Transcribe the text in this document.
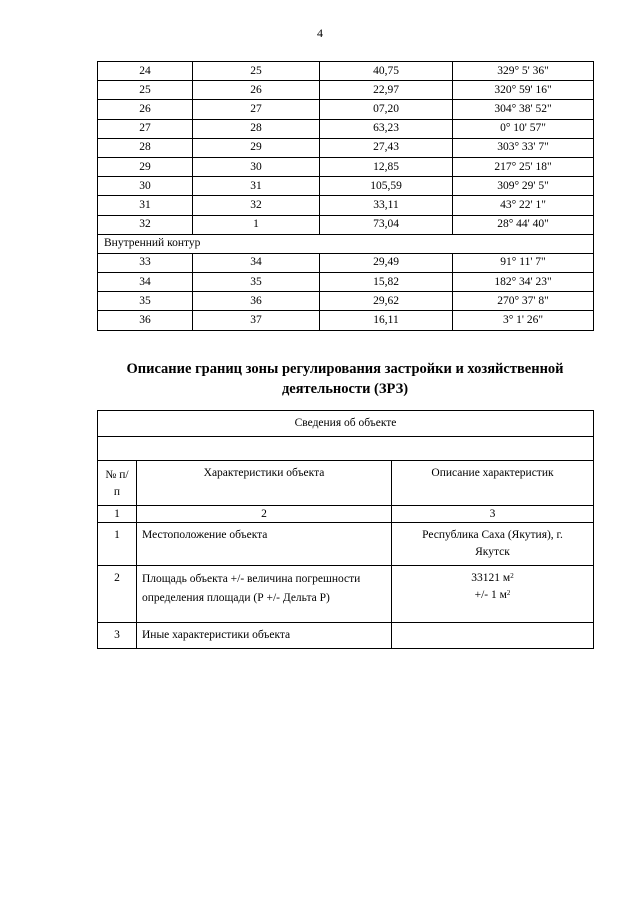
4
24	25	40,75	329° 5' 36"
25	26	22,97	320° 59' 16"
26	27	07,20	304° 38' 52"
27	28	63,23	0° 10' 57"
28	29	27,43	303° 33' 7"
29	30	12,85	217° 25' 18"
30	31	105,59	309° 29' 5"
31	32	33,11	43° 22' 1"
32	1	73,04	28° 44' 40"
Внутренний контур			
33	34	29,49	91° 11' 7"
34	35	15,82	182° 34' 23"
35	36	29,62	270° 37' 8"
36	37	16,11	3° 1' 26"
Описание границ зоны регулирования застройки и хозяйственной
деятельности (ЗРЗ)
Сведения об объекте		

№ п/п	Характеристики объекта	Описание характеристик

1	2	3

1	Местоположение объекта	Республика Саха (Якутия), г. Якутск

2	Площадь объекта +/- величина погрешности определения площади (Р +/- Дельта Р)	33121 $м^2$
+/- 1 $м^2$

3	Иные характеристики объекта	
